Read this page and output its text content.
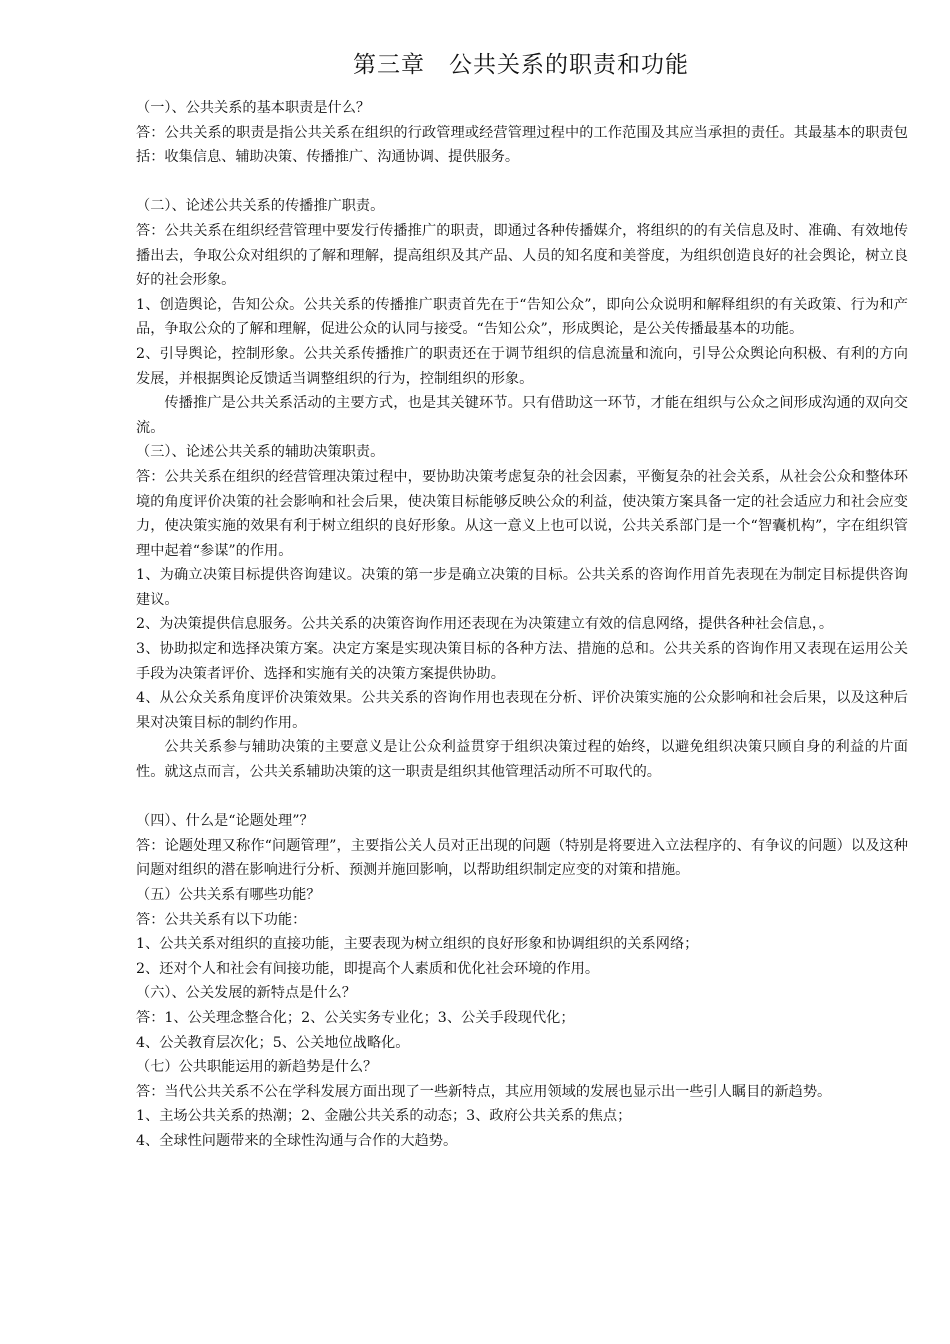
第三章　公共关系的职责和功能

（一）、公共关系的基本职责是什么？

答：公共关系的职责是指公共关系在组织的行政管理或经营管理过程中的工作范围及其应当承担的责任。其最基本的职责包括：收集信息、辅助决策、传播推广、沟通协调、提供服务。

（二）、论述公共关系的传播推广职责。

答：公共关系在组织经营管理中要发行传播推广的职责，即通过各种传播媒介，将组织的的有关信息及时、准确、有效地传播出去，争取公众对组织的了解和理解，提高组织及其产品、人员的知名度和美誉度，为组织创造良好的社会舆论，树立良好的社会形象。

1、创造舆论，告知公众。公共关系的传播推广职责首先在于“告知公众”，即向公众说明和解释组织的有关政策、行为和产品，争取公众的了解和理解，促进公众的认同与接受。“告知公众”，形成舆论，是公关传播最基本的功能。

2、引导舆论，控制形象。公共关系传播推广的职责还在于调节组织的信息流量和流向，引导公众舆论向积极、有利的方向发展，并根据舆论反馈适当调整组织的行为，控制组织的形象。

传播推广是公共关系活动的主要方式，也是其关键环节。只有借助这一环节，才能在组织与公众之间形成沟通的双向交流。

（三）、论述公共关系的辅助决策职责。

答：公共关系在组织的经营管理决策过程中，要协助决策考虑复杂的社会因素，平衡复杂的社会关系，从社会公众和整体环境的角度评价决策的社会影响和社会后果，使决策目标能够反映公众的利益，使决策方案具备一定的社会适应力和社会应变力，使决策实施的效果有利于树立组织的良好形象。从这一意义上也可以说，公共关系部门是一个“智囊机构”，字在组织管理中起着“参谋”的作用。

1、为确立决策目标提供咨询建议。决策的第一步是确立决策的目标。公共关系的咨询作用首先表现在为制定目标提供咨询建议。

2、为决策提供信息服务。公共关系的决策咨询作用还表现在为决策建立有效的信息网络，提供各种社会信息，。

3、协助拟定和选择决策方案。决定方案是实现决策目标的各种方法、措施的总和。公共关系的咨询作用又表现在运用公关手段为决策者评价、选择和实施有关的决策方案提供协助。

4、从公众关系角度评价决策效果。公共关系的咨询作用也表现在分析、评价决策实施的公众影响和社会后果，以及这种后果对决策目标的制约作用。

公共关系参与辅助决策的主要意义是让公众利益贯穿于组织决策过程的始终，以避免组织决策只顾自身的利益的片面性。就这点而言，公共关系辅助决策的这一职责是组织其他管理活动所不可取代的。

（四）、什么是“论题处理”？

答：论题处理又称作“问题管理”，主要指公关人员对正出现的问题（特别是将要进入立法程序的、有争议的问题）以及这种问题对组织的潜在影响进行分析、预测并施回影响，以帮助组织制定应变的对策和措施。

（五）公共关系有哪些功能？

答：公共关系有以下功能：

1、公共关系对组织的直接功能，主要表现为树立组织的良好形象和协调组织的关系网络；

2、还对个人和社会有间接功能，即提高个人素质和优化社会环境的作用。

（六）、公关发展的新特点是什么？

答：1、公关理念整合化；2、公关实务专业化；3、公关手段现代化；

4、公关教育层次化；5、公关地位战略化。

（七）公共职能运用的新趋势是什么？

答：当代公共关系不公在学科发展方面出现了一些新特点，其应用领域的发展也显示出一些引人瞩目的新趋势。

1、主场公共关系的热潮；2、金融公共关系的动态；3、政府公共关系的焦点；

4、全球性问题带来的全球性沟通与合作的大趋势。
